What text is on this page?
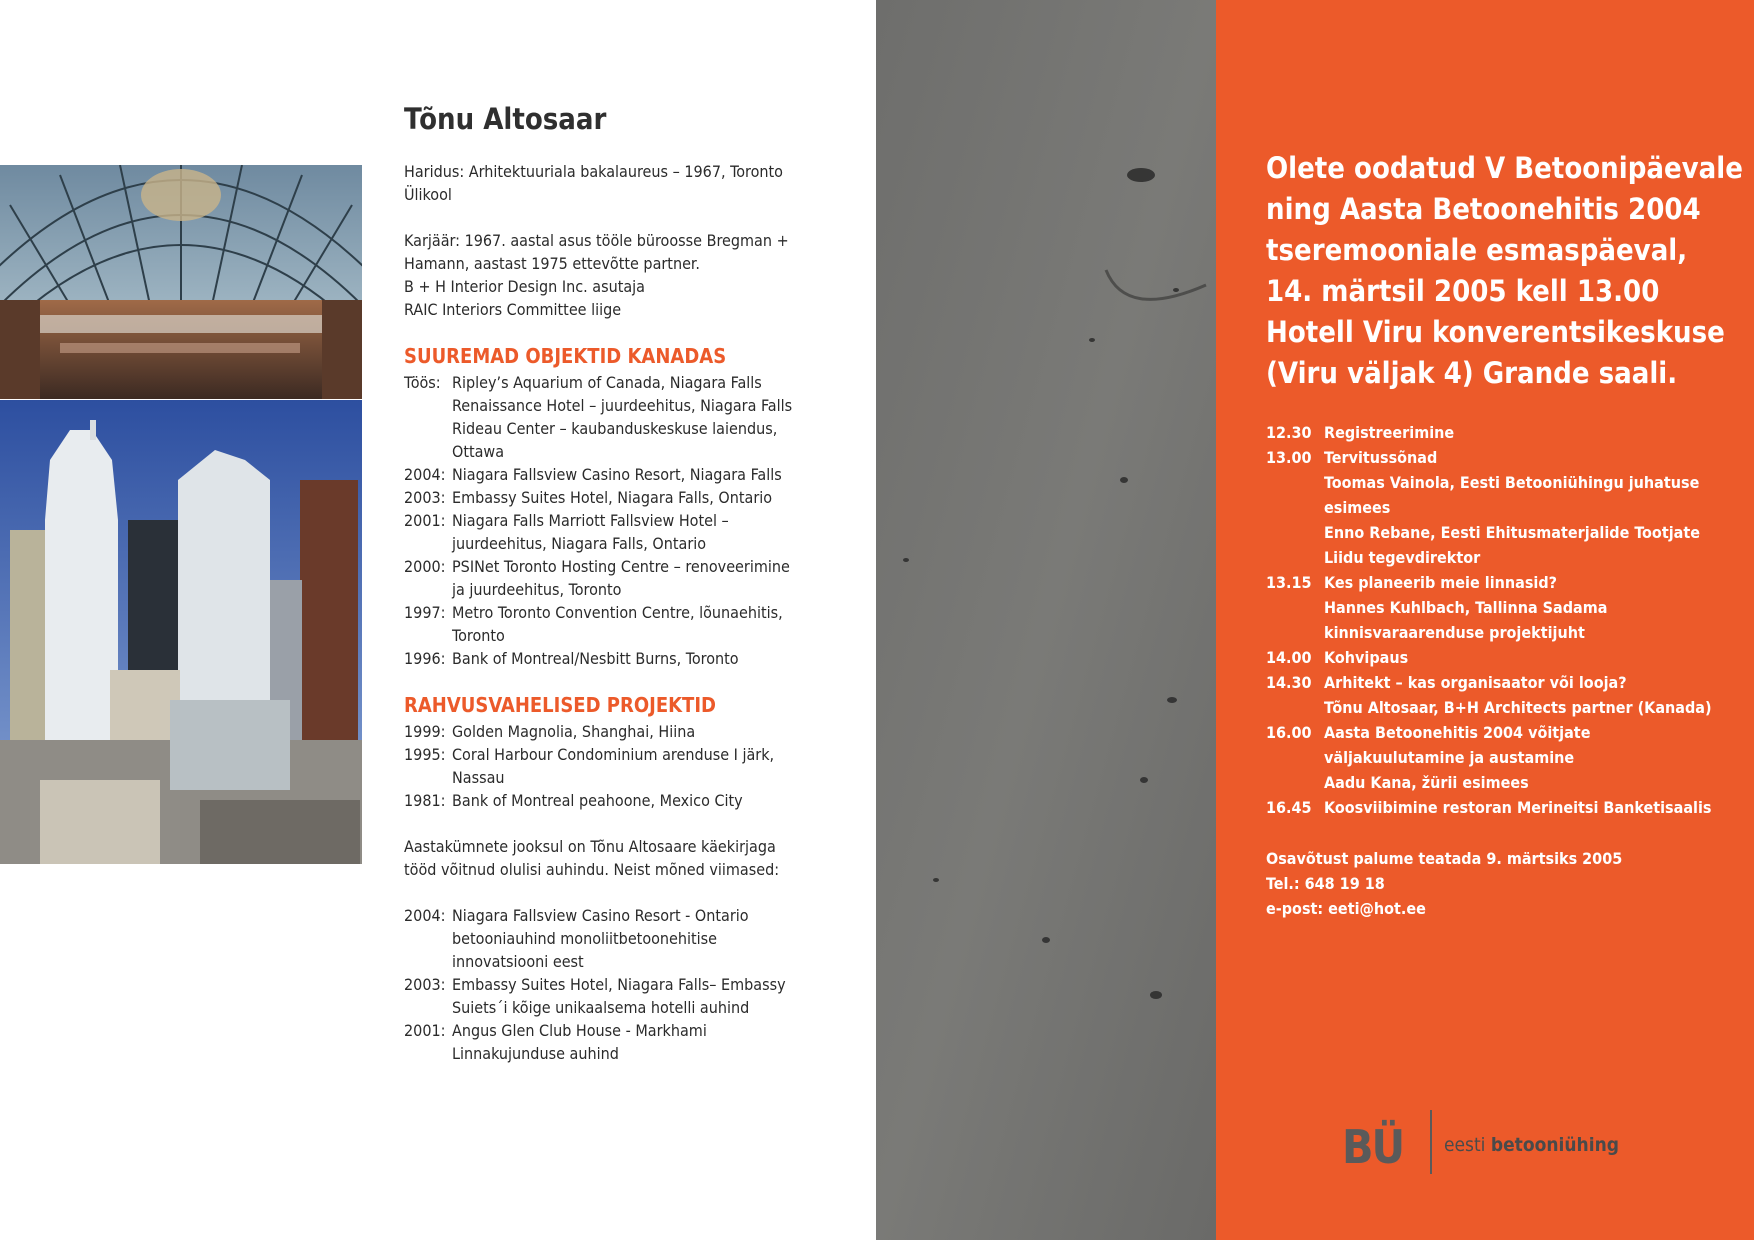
Tõnu Altosaar

Haridus: Arhitektuuriala bakalaureus – 1967, Toronto
Ülikool

Karjäär: 1967. aastal asus tööle büroosse Bregman +
Hamann, aastast 1975 ettevõtte partner.
B + H Interior Design Inc. asutaja
RAIC Interiors Committee liige

SUUREMAD OBJEKTID KANADAS
Töös: Ripley’s Aquarium of Canada, Niagara Falls
Renaissance Hotel – juurdeehitus, Niagara Falls
Rideau Center – kaubanduskeskuse laiendus,
Ottawa
2004: Niagara Fallsview Casino Resort, Niagara Falls
2003: Embassy Suites Hotel, Niagara Falls, Ontario
2001: Niagara Falls Marriott Fallsview Hotel –
juurdeehitus, Niagara Falls, Ontario
2000: PSINet Toronto Hosting Centre – renoveerimine
ja juurdeehitus, Toronto
1997: Metro Toronto Convention Centre, lõunaehitis,
Toronto
1996: Bank of Montreal/Nesbitt Burns, Toronto
RAHVUSVAHELISED PROJEKTID
1999: Golden Magnolia, Shanghai, Hiina
1995: Coral Harbour Condominium arenduse I järk,
Nassau
1981: Bank of Montreal peahoone, Mexico City

Aastakümnete jooksul on Tõnu Altosaare käekirjaga
tööd võitnud olulisi auhindu. Neist mõned viimased:

2004: Niagara Fallsview Casino Resort - Ontario
betooniauhind monoliitbetoonehitise
innovatsiooni eest
2003: Embassy Suites Hotel, Niagara Falls– Embassy
Suiets´i kõige unikaalsema hotelli auhind
2001: Angus Glen Club House - Markhami
Linnakujunduse auhind
Olete oodatud V Betoonipäevale
ning Aasta Betoonehitis 2004
tseremooniale esmaspäeval,
14. märtsil 2005 kell 13.00
Hotell Viru konverentsikeskuse
(Viru väljak 4) Grande saali.
12.30 Registreerimine
13.00 Tervitussõnad
Toomas Vainola, Eesti Betooniühingu juhatuse
esimees
Enno Rebane, Eesti Ehitusmaterjalide Tootjate
Liidu tegevdirektor
13.15 Kes planeerib meie linnasid?
Hannes Kuhlbach, Tallinna Sadama
kinnisvaraarenduse projektijuht
14.00 Kohvipaus
14.30 Arhitekt – kas organisaator või looja?
Tõnu Altosaar, B+H Architects partner (Kanada)
16.00 Aasta Betoonehitis 2004 võitjate
väljakuulutamine ja austamine
Aadu Kana, žürii esimees
16.45 Koosviibimine restoran Merineitsi Banketisaalis
Osavõtust palume teatada 9. märtsiks 2005
Tel.: 648 19 18
e-post: eeti@hot.ee
BÜ eesti betooniühing
